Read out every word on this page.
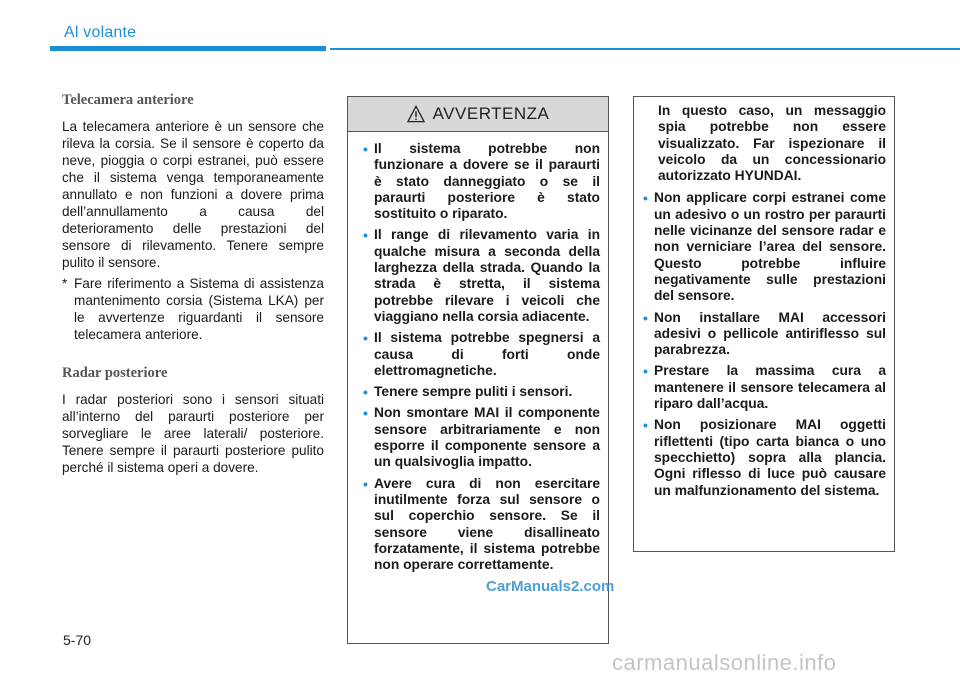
Al volante
Telecamera anteriore

La telecamera anteriore è un sensore che rileva la corsia. Se il sensore è coperto da neve, pioggia o corpi estranei, può essere che il sistema venga temporaneamente annullato e non funzioni a dovere prima dell’annullamento a causa del deterioramento delle prestazioni del sensore di rilevamento. Tenere sempre pulito il sensore.

* Fare riferimento a Sistema di assistenza mantenimento corsia (Sistema LKA) per le avvertenze riguardanti il sensore telecamera anteriore.
Radar posteriore

I radar posteriori sono i sensori situati all’interno del paraurti posteriore per sorvegliare le aree laterali/ posteriore. Tenere sempre il paraurti posteriore pulito perché il sistema operi a dovere.

AVVERTENZA
• Il sistema potrebbe non funzionare a dovere se il paraurti è stato danneggiato o se il paraurti posteriore è stato sostituito o riparato.
• Il range di rilevamento varia in qualche misura a seconda della larghezza della strada. Quando la strada è stretta, il sistema potrebbe rilevare i veicoli che viaggiano nella corsia adiacente.
• Il sistema potrebbe spegnersi a causa di forti onde elettromagnetiche.
• Tenere sempre puliti i sensori.
• Non smontare MAI il componente sensore arbitrariamente e non esporre il componente sensore a un qualsivoglia impatto.
• Avere cura di non esercitare inutilmente forza sul sensore o sul coperchio sensore. Se il sensore viene disallineato forzatamente, il sistema potrebbe non operare correttamente.
In questo caso, un messaggio spia potrebbe non essere visualizzato. Far ispezionare il veicolo da un concessionario autorizzato HYUNDAI.
• Non applicare corpi estranei come un adesivo o un rostro per paraurti nelle vicinanze del sensore radar e non verniciare l’area del sensore. Questo potrebbe influire negativamente sulle prestazioni del sensore.
• Non installare MAI accessori adesivi o pellicole antiriflesso sul parabrezza.
• Prestare la massima cura a mantenere il sensore telecamera al riparo dall’acqua.
• Non posizionare MAI oggetti riflettenti (tipo carta bianca o uno specchietto) sopra alla plancia. Ogni riflesso di luce può causare un malfunzionamento del sistema.
CarManuals2.com
5-70
carmanualsonline.info
